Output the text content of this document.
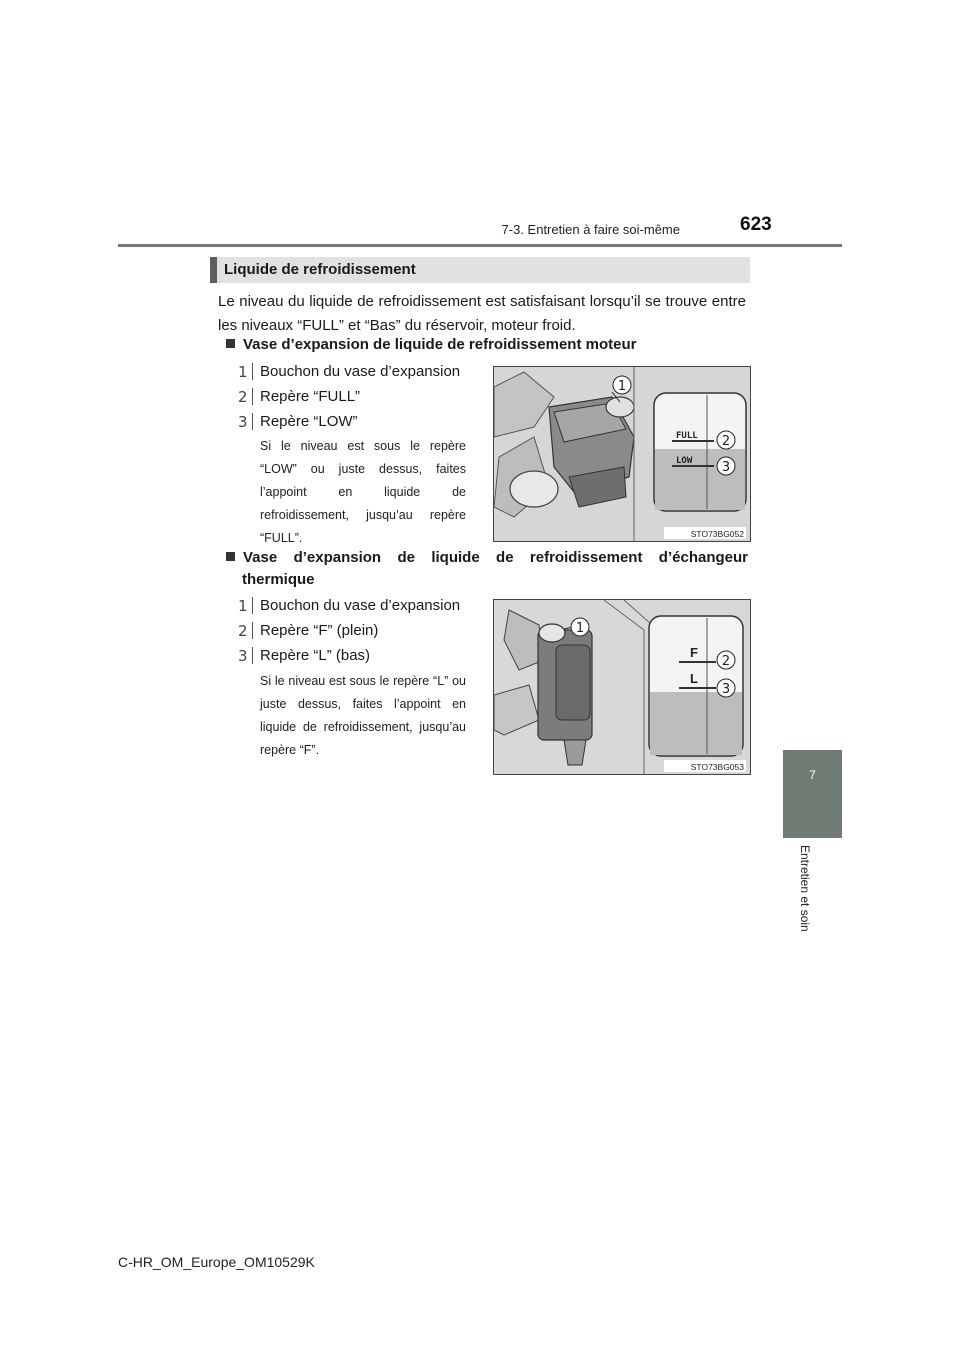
7-3. Entretien à faire soi-même	623
7
Entretien et soin
Liquide de refroidissement
Le niveau du liquide de refroidissement est satisfaisant lorsqu’il se trouve entre les niveaux “FULL” et “Bas” du réservoir, moteur froid.
Vase d’expansion de liquide de refroidissement moteur
1 Bouchon du vase d’expansion
2 Repère “FULL”
3 Repère “LOW”
Si le niveau est sous le repère “LOW” ou juste dessus, faites l’appoint en liquide de refroidissement, jusqu’au repère “FULL”.
FULL
LOW
1
2
3
STO73BG052
Vase d’expansion de liquide de refroidissement d’échangeur
thermique
1 Bouchon du vase d’expansion
2 Repère “F” (plein)
3 Repère “L” (bas)
Si le niveau est sous le repère “L” ou juste dessus, faites l’appoint en liquide de refroidissement, jusqu’au repère “F”.
F
L
1
2
3
STO73BG053
C-HR_OM_Europe_OM10529K
